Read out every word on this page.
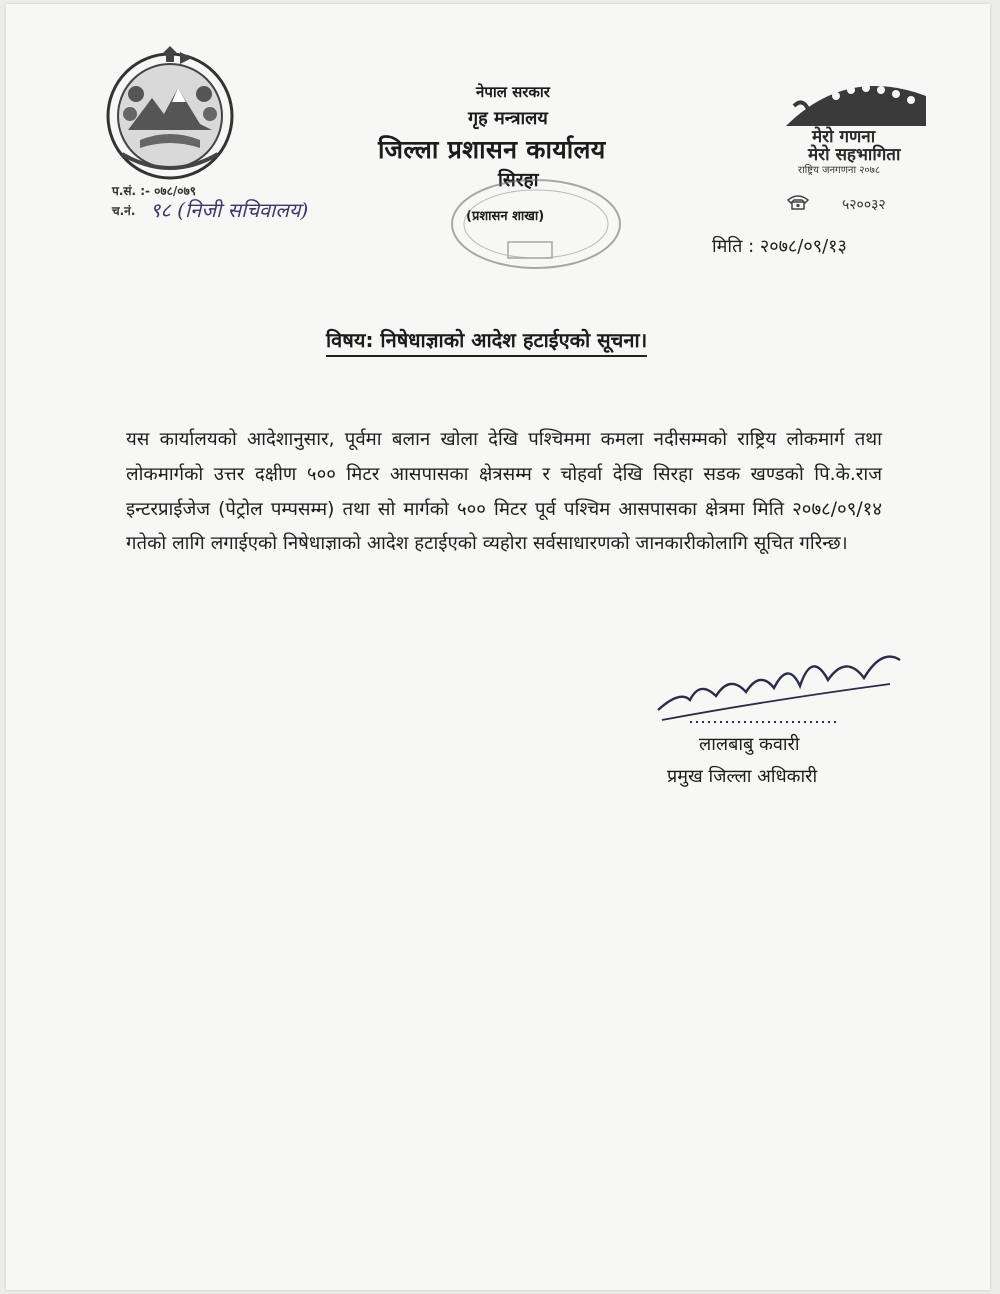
मेरो गणना
मेरो सहभागिता
राष्ट्रिय जनगणना २०७८
नेपाल सरकार
गृह मन्त्रालय
जिल्ला प्रशासन कार्यालय
सिरहा
(प्रशासन शाखा)
प.सं. :- ०७८/०७९
च.नं. ९८ (निजी सचिवालय)	५२००३२
मिति : २०७८/०९/१३
विषय: निषेधाज्ञाको आदेश हटाईएको सूचना।
यस कार्यालयको आदेशानुसार, पूर्वमा बलान खोला देखि पश्चिममा कमला नदीसम्मको राष्ट्रिय लोकमार्ग तथा लोकमार्गको उत्तर दक्षीण ५०० मिटर आसपासका क्षेत्रसम्म र चोहर्वा देखि सिरहा सडक खण्डको पि.के.राज इन्टरप्राईजेज (पेट्रोल पम्पसम्म) तथा सो मार्गको ५०० मिटर पूर्व पश्चिम आसपासका क्षेत्रमा मिति २०७८/०९/१४ गतेको लागि लगाईएको निषेधाज्ञाको आदेश हटाईएको व्यहोरा सर्वसाधारणको जानकारीकोलागि सूचित गरिन्छ।
लालबाबु कवारी
प्रमुख जिल्ला अधिकारी
